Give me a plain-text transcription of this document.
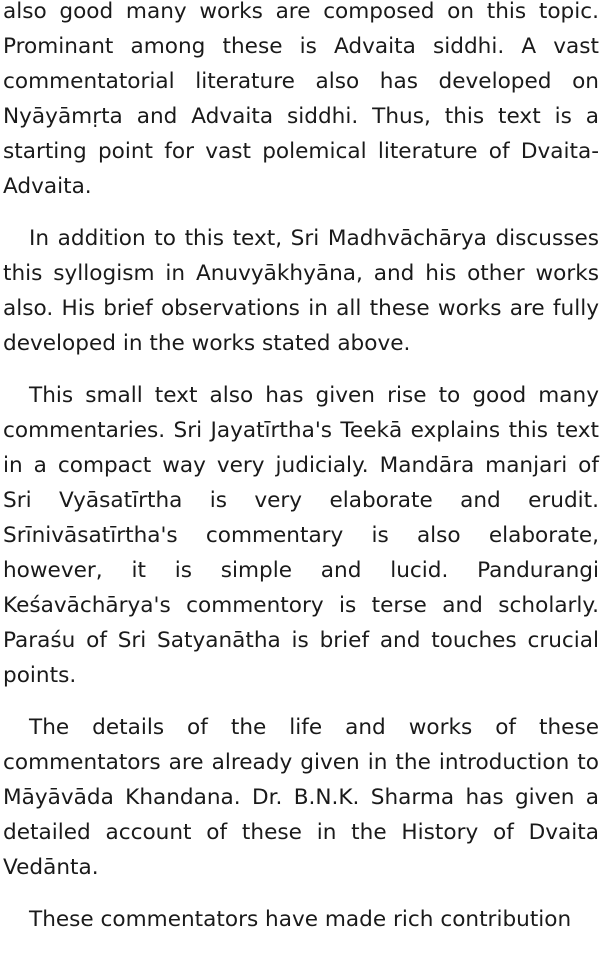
also good many works are composed on this topic. Prominant among these is Advaita siddhi. A vast commentatorial literature also has developed on Nyāyāmṛta and Advaita siddhi. Thus, this text is a starting point for vast polemical literature of Dvaita-Advaita.

In addition to this text, Sri Madhvāchārya discusses this syllogism in Anuvyākhyāna, and his other works also. His brief observations in all these works are fully developed in the works stated above.

This small text also has given rise to good many commentaries. Sri Jayatīrtha's Teekā explains this text in a compact way very judicialy. Mandāra manjari of Sri Vyāsatīrtha is very elaborate and erudit. Srīnivāsatīrtha's commentary is also elaborate, however, it is simple and lucid. Pandurangi Keśavāchārya's commentory is terse and scholarly. Paraśu of Sri Satyanātha is brief and touches crucial points.

The details of the life and works of these commentators are already given in the introduction to Māyāvāda Khandana. Dr. B.N.K. Sharma has given a detailed account of these in the History of Dvaita Vedānta.

These commentators have made rich contribution
